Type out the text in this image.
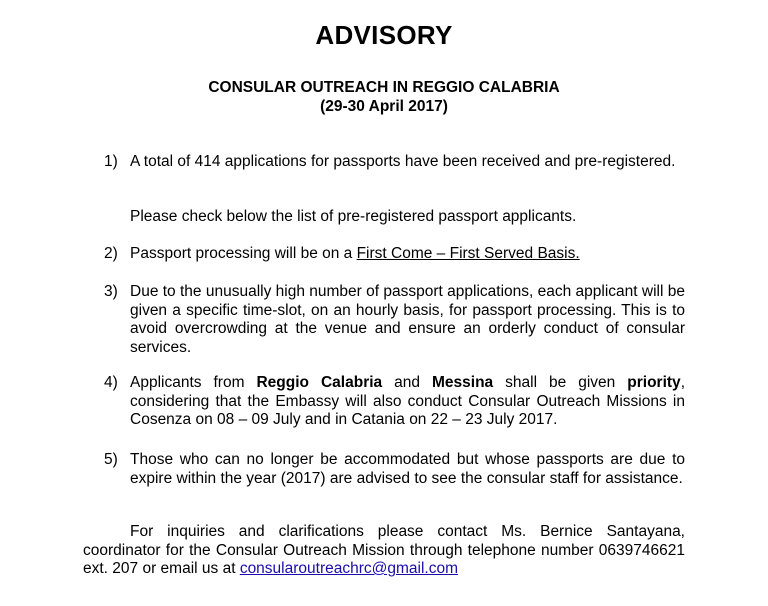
ADVISORY
CONSULAR OUTREACH IN REGGIO CALABRIA
(29-30 April 2017)
1) A total of 414 applications for passports have been received and pre-registered.
Please check below the list of pre-registered passport applicants.
2) Passport processing will be on a First Come – First Served Basis.
3) Due to the unusually high number of passport applications, each applicant will be given a specific time-slot, on an hourly basis, for passport processing. This is to avoid overcrowding at the venue and ensure an orderly conduct of consular services.
4) Applicants from Reggio Calabria and Messina shall be given priority, considering that the Embassy will also conduct Consular Outreach Missions in Cosenza on 08 – 09 July and in Catania on 22 – 23 July 2017.
5) Those who can no longer be accommodated but whose passports are due to expire within the year (2017) are advised to see the consular staff for assistance.
For inquiries and clarifications please contact Ms. Bernice Santayana, coordinator for the Consular Outreach Mission through telephone number 0639746621 ext. 207 or email us at consularoutreachrc@gmail.com
